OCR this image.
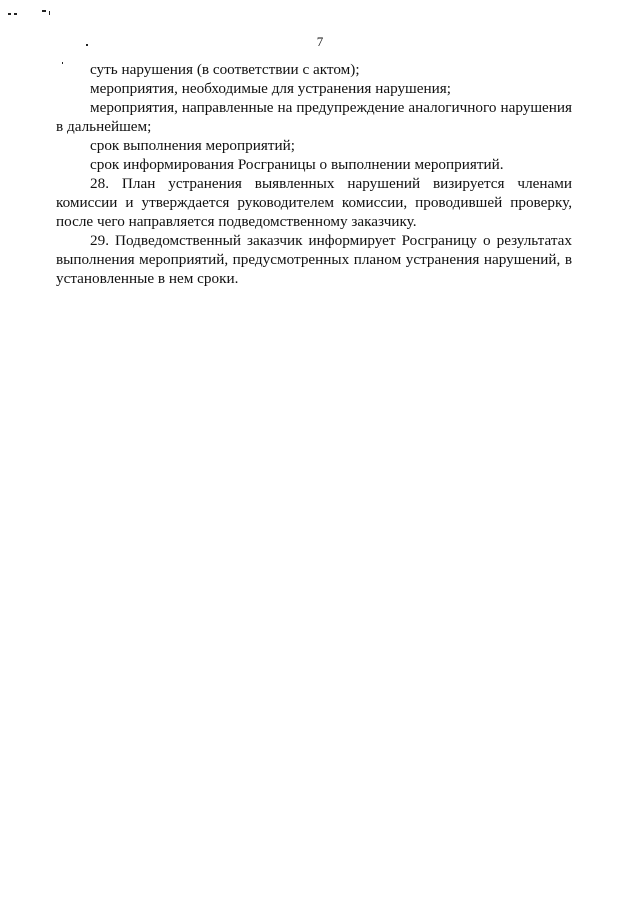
7

суть нарушения (в соответствии с актом);

мероприятия, необходимые для устранения нарушения;

мероприятия, направленные на предупреждение аналогичного нарушения в дальнейшем;

срок выполнения мероприятий;

срок информирования Росграницы о выполнении мероприятий.

28. План устранения выявленных нарушений визируется членами комиссии и утверждается руководителем комиссии, проводившей проверку, после чего направляется подведомственному заказчику.

29. Подведомственный заказчик информирует Росграницу о результатах выполнения мероприятий, предусмотренных планом устранения нарушений, в установленные в нем сроки.
